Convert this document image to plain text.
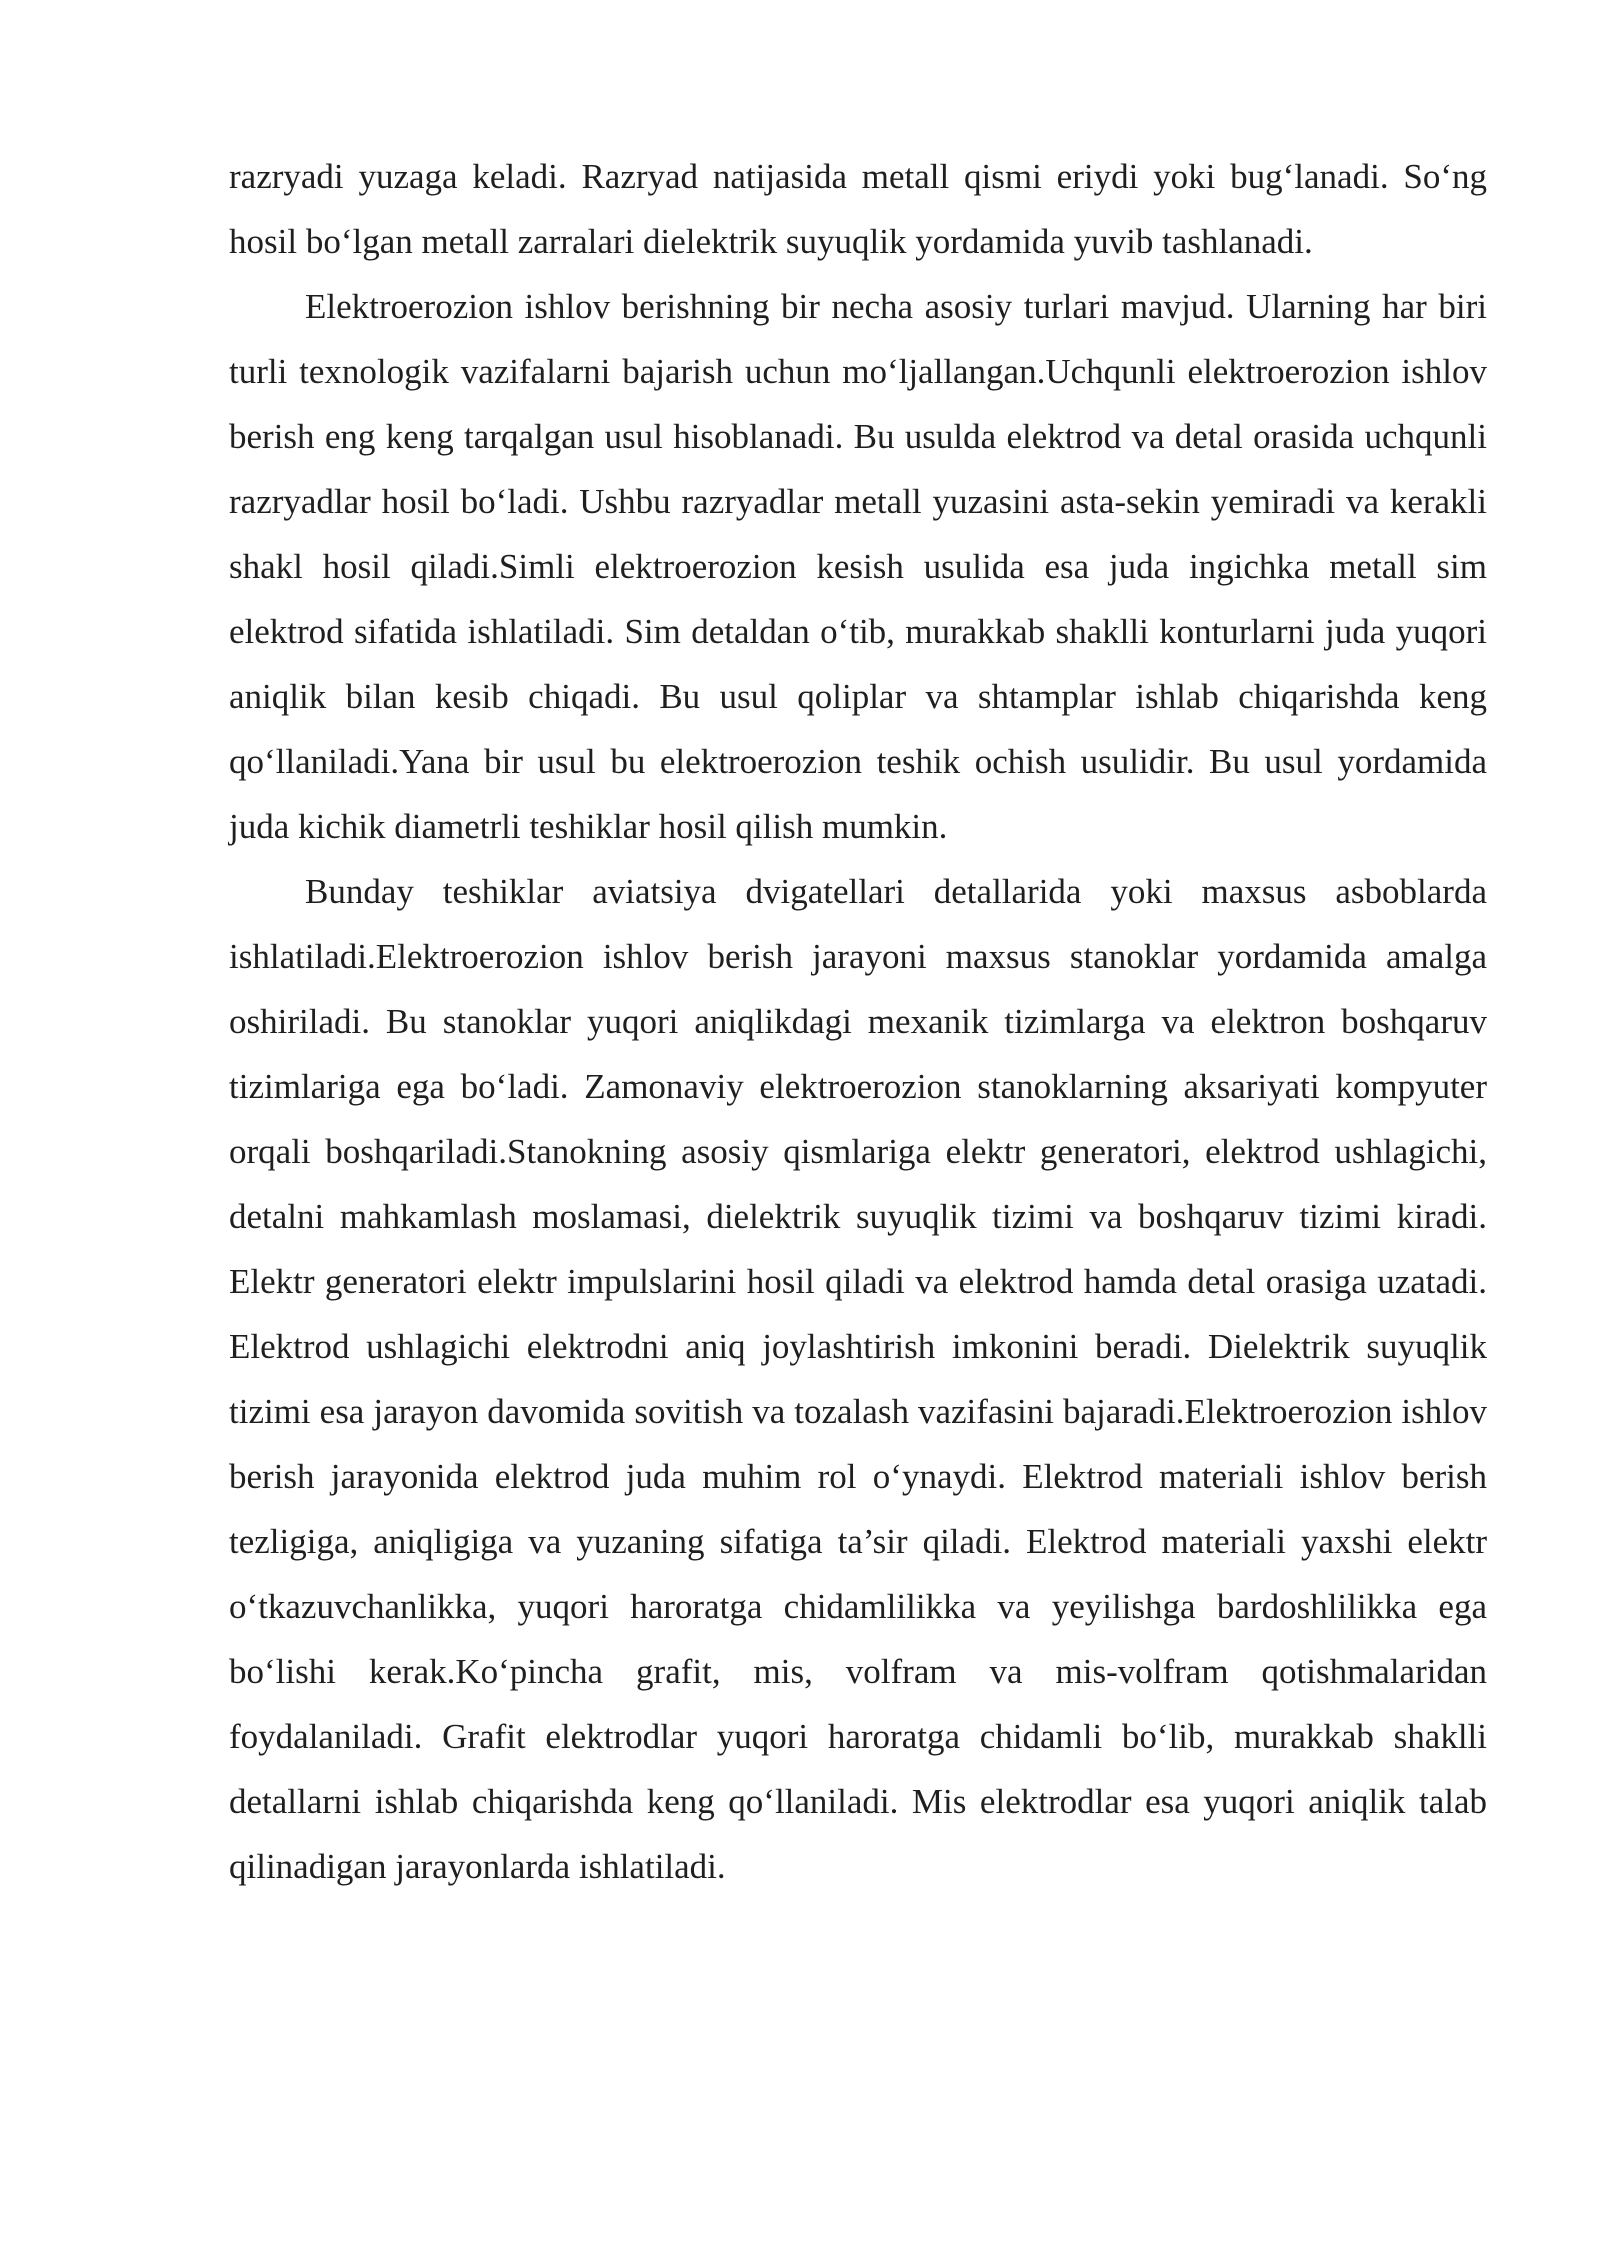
razryadi yuzaga keladi. Razryad natijasida metall qismi eriydi yoki bug‘lanadi. So‘ng hosil bo‘lgan metall zarralari dielektrik suyuqlik yordamida yuvib tashlanadi.

Elektroerozion ishlov berishning bir necha asosiy turlari mavjud. Ularning har biri turli texnologik vazifalarni bajarish uchun mo‘ljallangan.Uchqunli elektroerozion ishlov berish eng keng tarqalgan usul hisoblanadi. Bu usulda elektrod va detal orasida uchqunli razryadlar hosil bo‘ladi. Ushbu razryadlar metall yuzasini asta-sekin yemiradi va kerakli shakl hosil qiladi.Simli elektroerozion kesish usulida esa juda ingichka metall sim elektrod sifatida ishlatiladi. Sim detaldan o‘tib, murakkab shaklli konturlarni juda yuqori aniqlik bilan kesib chiqadi. Bu usul qoliplar va shtamplar ishlab chiqarishda keng qo‘llaniladi.Yana bir usul bu elektroerozion teshik ochish usulidir. Bu usul yordamida juda kichik diametrli teshiklar hosil qilish mumkin.

Bunday teshiklar aviatsiya dvigatellari detallarida yoki maxsus asboblarda ishlatiladi.Elektroerozion ishlov berish jarayoni maxsus stanoklar yordamida amalga oshiriladi. Bu stanoklar yuqori aniqlikdagi mexanik tizimlarga va elektron boshqaruv tizimlariga ega bo‘ladi. Zamonaviy elektroerozion stanoklarning aksariyati kompyuter orqali boshqariladi.Stanokning asosiy qismlariga elektr generatori, elektrod ushlagichi, detalni mahkamlash moslamasi, dielektrik suyuqlik tizimi va boshqaruv tizimi kiradi. Elektr generatori elektr impulslarini hosil qiladi va elektrod hamda detal orasiga uzatadi. Elektrod ushlagichi elektrodni aniq joylashtirish imkonini beradi. Dielektrik suyuqlik tizimi esa jarayon davomida sovitish va tozalash vazifasini bajaradi.Elektroerozion ishlov berish jarayonida elektrod juda muhim rol o‘ynaydi. Elektrod materiali ishlov berish tezligiga, aniqligiga va yuzaning sifatiga ta’sir qiladi. Elektrod materiali yaxshi elektr o‘tkazuvchanlikka, yuqori haroratga chidamlilikka va yeyilishga bardoshlilikka ega bo‘lishi kerak.Ko‘pincha grafit, mis, volfram va mis-volfram qotishmalaridan foydalaniladi. Grafit elektrodlar yuqori haroratga chidamli bo‘lib, murakkab shaklli detallarni ishlab chiqarishda keng qo‘llaniladi. Mis elektrodlar esa yuqori aniqlik talab qilinadigan jarayonlarda ishlatiladi.
